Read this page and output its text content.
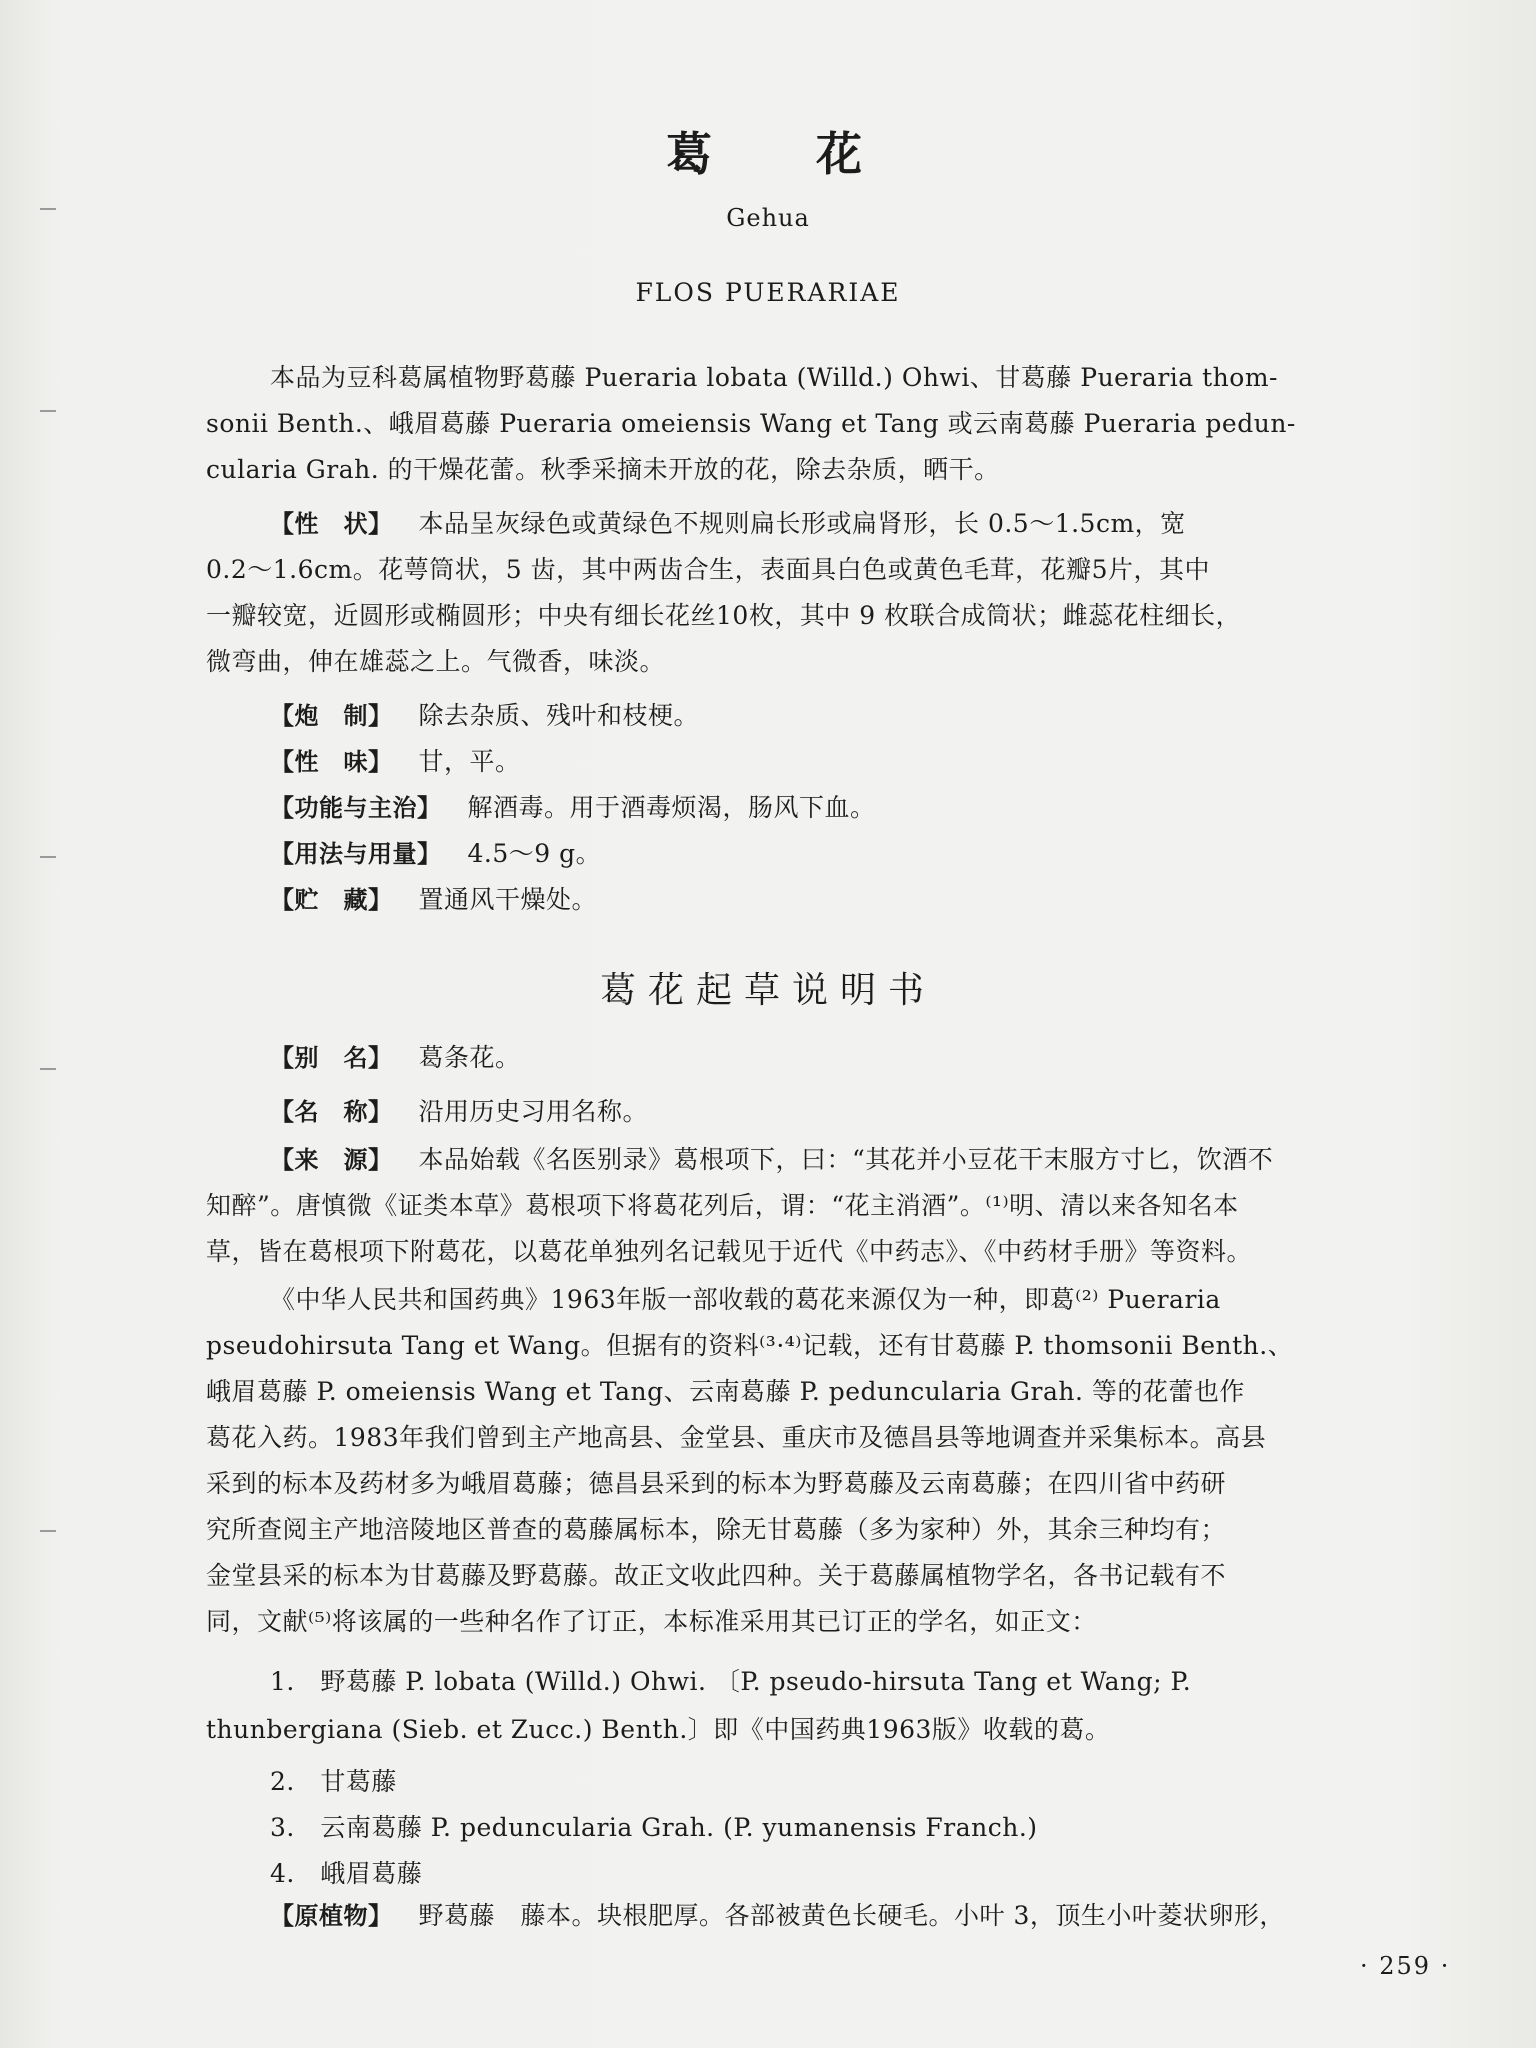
葛 花
Gehua
FLOS PUERARIAE
本品为豆科葛属植物野葛藤 Pueraria lobata (Willd.) Ohwi、甘葛藤 Pueraria thom-
sonii Benth.、峨眉葛藤 Pueraria omeiensis Wang et Tang 或云南葛藤 Pueraria pedun-
cularia Grah. 的干燥花蕾。秋季采摘未开放的花，除去杂质，晒干。
【性　状】 本品呈灰绿色或黄绿色不规则扁长形或扁肾形，长 0.5～1.5cm，宽
0.2～1.6cm。花萼筒状，5 齿，其中两齿合生，表面具白色或黄色毛茸，花瓣5片，其中
一瓣较宽，近圆形或椭圆形；中央有细长花丝10枚，其中 9 枚联合成筒状；雌蕊花柱细长，
微弯曲，伸在雄蕊之上。气微香，味淡。
【炮　制】 除去杂质、残叶和枝梗。
【性　味】 甘，平。
【功能与主治】 解酒毒。用于酒毒烦渴，肠风下血。
【用法与用量】 4.5～9 g。
【贮　藏】 置通风干燥处。
葛花起草说明书
【别　名】 葛条花。
【名　称】 沿用历史习用名称。
【来　源】 本品始载《名医别录》葛根项下，曰：“其花并小豆花干末服方寸匕，饮酒不
知醉”。唐慎微《证类本草》葛根项下将葛花列后，谓：“花主消酒”。⁽¹⁾明、清以来各知名本
草，皆在葛根项下附葛花，以葛花单独列名记载见于近代《中药志》、《中药材手册》等资料。
《中华人民共和国药典》1963年版一部收载的葛花来源仅为一种，即葛⁽²⁾ Pueraria
pseudohirsuta Tang et Wang。但据有的资料⁽³·⁴⁾记载，还有甘葛藤 P. thomsonii Benth.、
峨眉葛藤 P. omeiensis Wang et Tang、云南葛藤 P. peduncularia Grah. 等的花蕾也作
葛花入药。1983年我们曾到主产地高县、金堂县、重庆市及德昌县等地调查并采集标本。高县
采到的标本及药材多为峨眉葛藤；德昌县采到的标本为野葛藤及云南葛藤；在四川省中药研
究所查阅主产地涪陵地区普查的葛藤属标本，除无甘葛藤（多为家种）外，其余三种均有；
金堂县采的标本为甘葛藤及野葛藤。故正文收此四种。关于葛藤属植物学名，各书记载有不
同，文献⁽⁵⁾将该属的一些种名作了订正，本标准采用其已订正的学名，如正文：
1.　野葛藤 P. lobata (Willd.) Ohwi. 〔P. pseudo-hirsuta Tang et Wang; P.
thunbergiana (Sieb. et Zucc.) Benth.〕即《中国药典1963版》收载的葛。
2.　甘葛藤
3.　云南葛藤 P. peduncularia Grah. (P. yumanensis Franch.)
4.　峨眉葛藤
【原植物】 野葛藤　藤本。块根肥厚。各部被黄色长硬毛。小叶 3，顶生小叶菱状卵形，
· 259 ·
